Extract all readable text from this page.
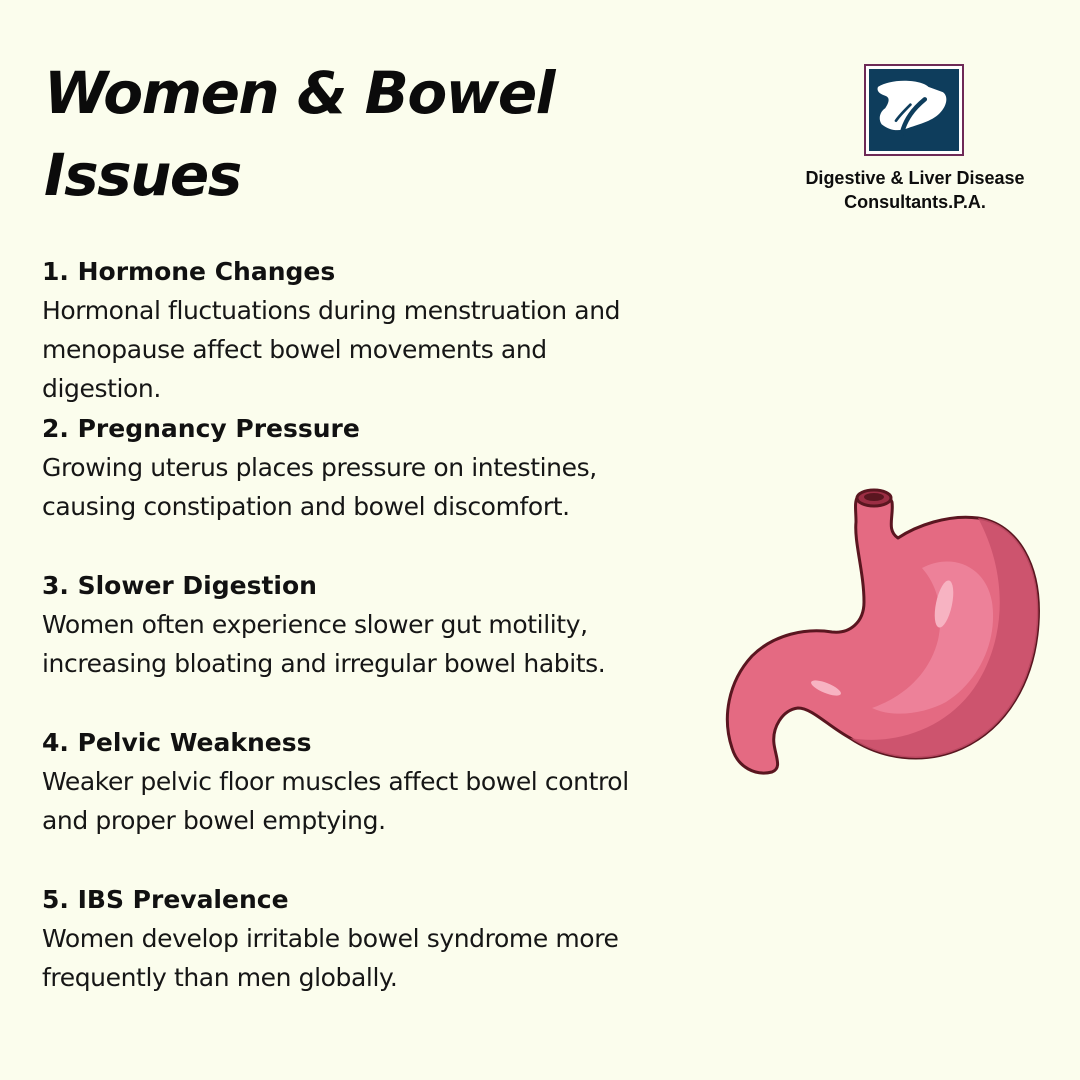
Women & Bowel
Issues	Digestive & Liver Disease
Consultants.P.A.
1. Hormone Changes
Hormonal fluctuations during menstruation and
menopause affect bowel movements and
digestion.
2. Pregnancy Pressure
Growing uterus places pressure on intestines,
causing constipation and bowel discomfort.
3. Slower Digestion
Women often experience slower gut motility,
increasing bloating and irregular bowel habits.
4. Pelvic Weakness
Weaker pelvic floor muscles affect bowel control
and proper bowel emptying.
5. IBS Prevalence
Women develop irritable bowel syndrome more
frequently than men globally.
